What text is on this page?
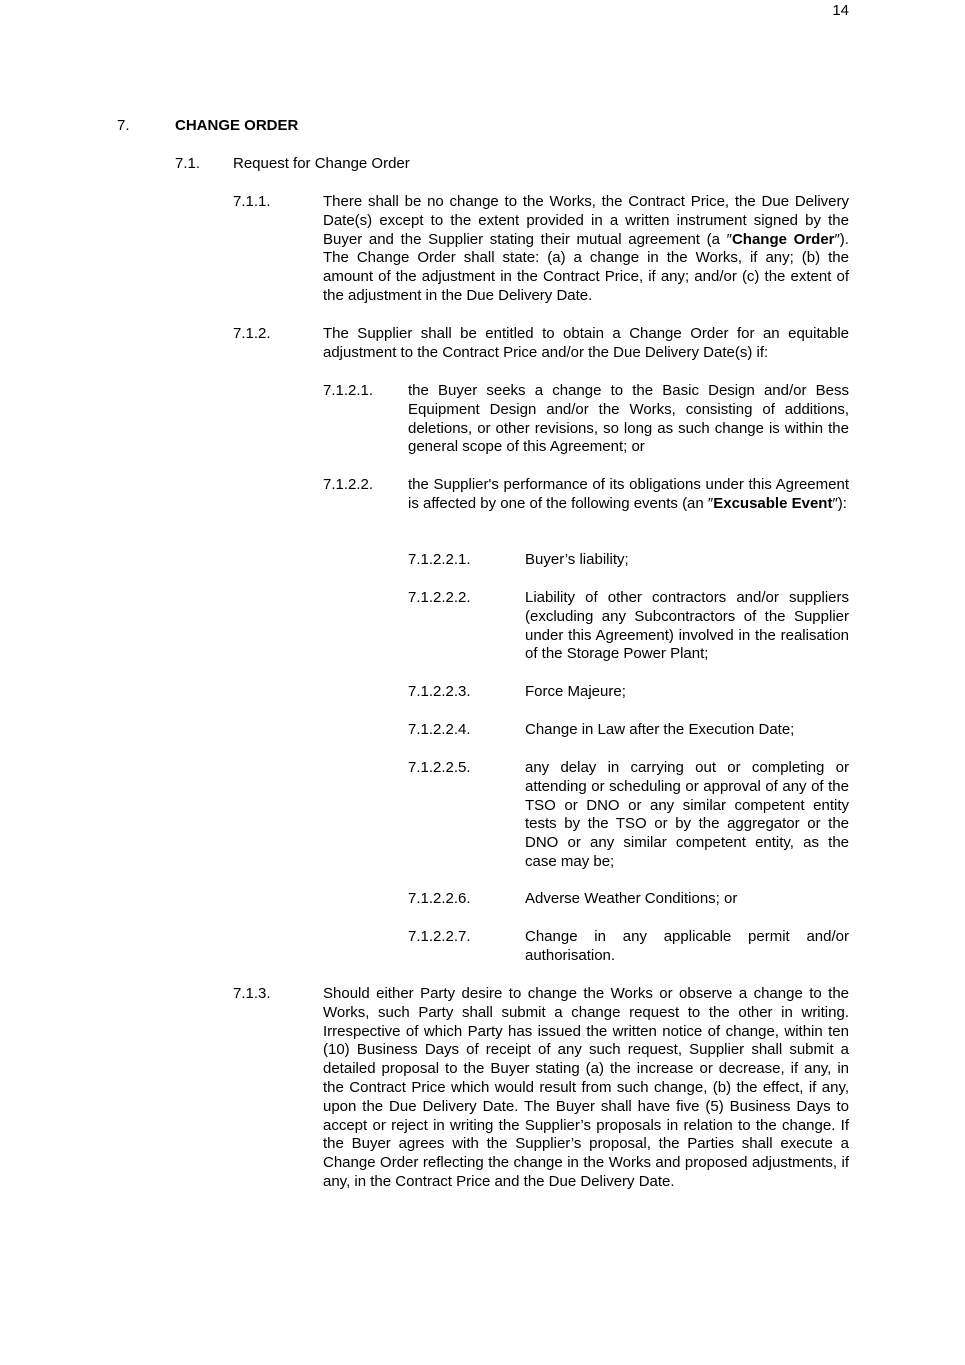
14
7.	CHANGE ORDER
7.1. Request for Change Order
7.1.1.	There shall be no change to the Works, the Contract Price, the Due Delivery Date(s) except to the extent provided in a written instrument signed by the Buyer and the Supplier stating their mutual agreement (a ″Change Order″). The Change Order shall state: (a) a change in the Works, if any; (b) the amount of the adjustment in the Contract Price, if any; and/or (c) the extent of the adjustment in the Due Delivery Date.
7.1.2.	The Supplier shall be entitled to obtain a Change Order for an equitable adjustment to the Contract Price and/or the Due Delivery Date(s) if:
7.1.2.1. the Buyer seeks a change to the Basic Design and/or Bess Equipment Design and/or the Works, consisting of additions, deletions, or other revisions, so long as such change is within the general scope of this Agreement; or
7.1.2.2. the Supplier's performance of its obligations under this Agreement is affected by one of the following events (an ″Excusable Event″):
7.1.2.2.1.	Buyer’s liability;
7.1.2.2.2.	Liability of other contractors and/or suppliers (excluding any Subcontractors of the Supplier under this Agreement) involved in the realisation of the Storage Power Plant;
7.1.2.2.3.	Force Majeure;
7.1.2.2.4.	Change in Law after the Execution Date;
7.1.2.2.5.	any delay in carrying out or completing or attending or scheduling or approval of any of the TSO or DNO or any similar competent entity tests by the TSO or by the aggregator or the DNO or any similar competent entity, as the case may be;
7.1.2.2.6.	Adverse Weather Conditions; or
7.1.2.2.7.	Change in any applicable permit and/or authorisation.
7.1.3.	Should either Party desire to change the Works or observe a change to the Works, such Party shall submit a change request to the other in writing. Irrespective of which Party has issued the written notice of change, within ten (10) Business Days of receipt of any such request, Supplier shall submit a detailed proposal to the Buyer stating (a) the increase or decrease, if any, in the Contract Price which would result from such change, (b) the effect, if any, upon the Due Delivery Date. The Buyer shall have five (5) Business Days to accept or reject in writing the Supplier’s proposals in relation to the change. If the Buyer agrees with the Supplier’s proposal, the Parties shall execute a Change Order reflecting the change in the Works and proposed adjustments, if any, in the Contract Price and the Due Delivery Date.
